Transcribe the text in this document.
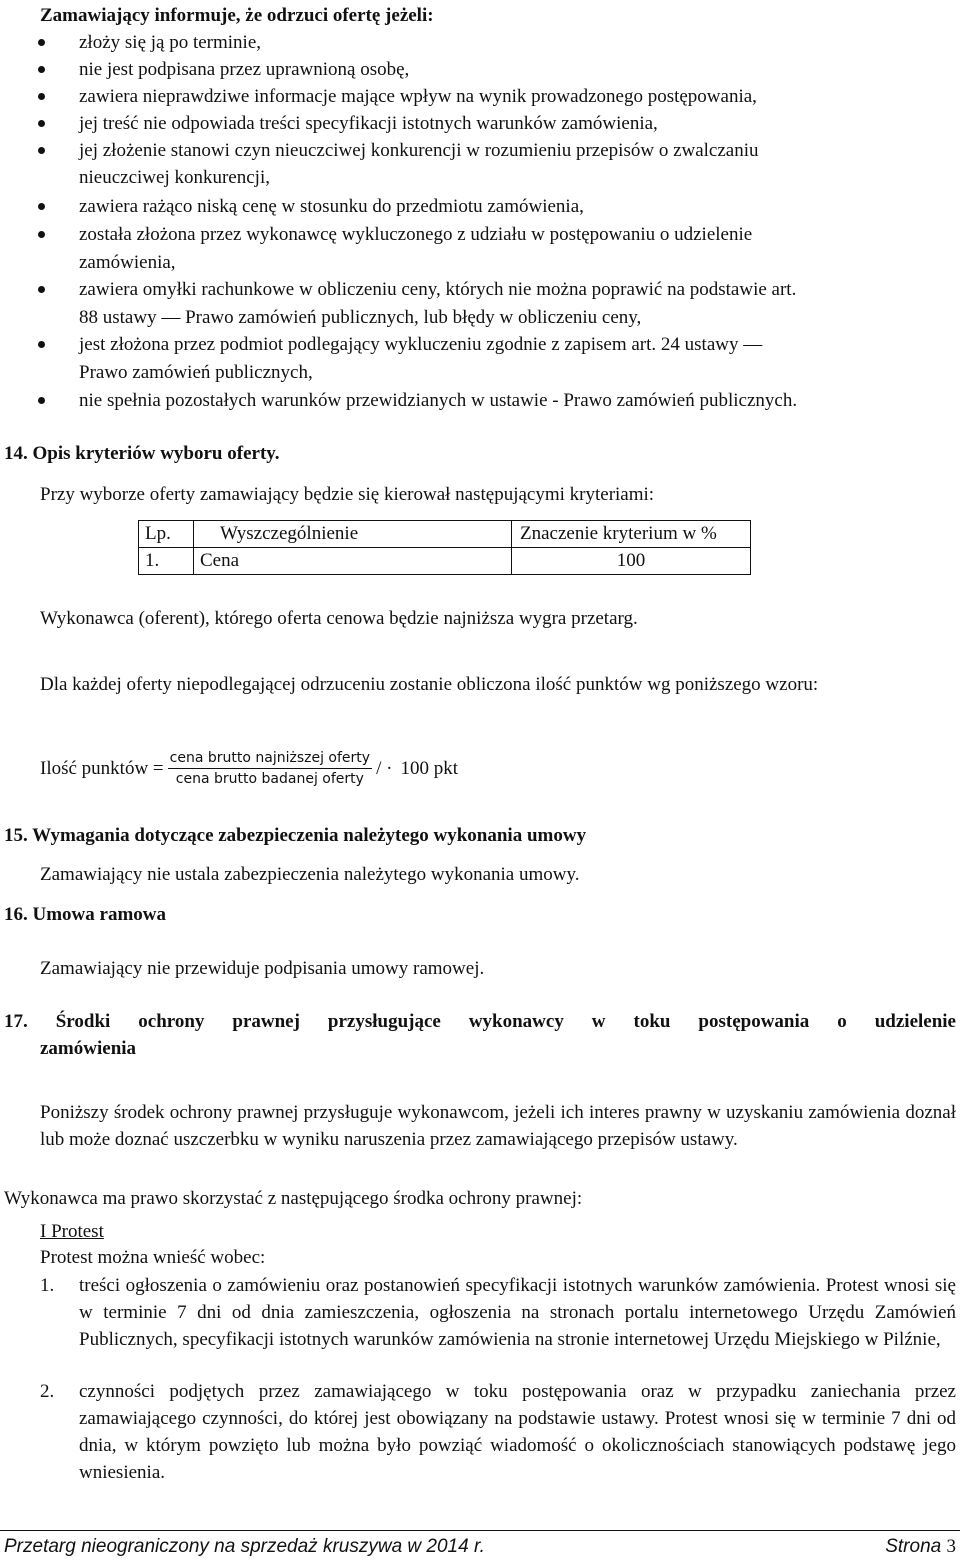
Zamawiający informuje, że odrzuci ofertę jeżeli:
złoży się ją po terminie,
nie jest podpisana przez uprawnioną osobę,
zawiera nieprawdziwe informacje mające wpływ na wynik prowadzonego postępowania,
jej treść nie odpowiada treści specyfikacji istotnych warunków zamówienia,
jej złożenie stanowi czyn nieuczciwej konkurencji w rozumieniu przepisów o zwalczaniu
nieuczciwej konkurencji,
zawiera rażąco niską cenę w stosunku do przedmiotu zamówienia,
została złożona przez wykonawcę wykluczonego z udziału w postępowaniu o udzielenie
zamówienia,
zawiera omyłki rachunkowe w obliczeniu ceny, których nie można poprawić na podstawie art.
88 ustawy — Prawo zamówień publicznych, lub błędy w obliczeniu ceny,
jest złożona przez podmiot podlegający wykluczeniu zgodnie z zapisem art. 24 ustawy —
Prawo zamówień publicznych,
nie spełnia pozostałych warunków przewidzianych w ustawie - Prawo zamówień publicznych.
14. Opis kryteriów wyboru oferty.
Przy wyborze oferty zamawiający będzie się kierował następującymi kryteriami:
Lp.	Wyszczególnienie	Znaczenie kryterium w %
1.	Cena	100
Wykonawca (oferent), którego oferta cenowa będzie najniższa wygra przetarg.
Dla każdej oferty niepodlegającej odrzuceniu zostanie obliczona ilość punktów wg poniższego wzoru:
Ilość punktów = $\frac{\text{cena brutto najniższej oferty}}{\text{cena brutto badanej oferty}}$ / · 100 pkt
15. Wymagania dotyczące zabezpieczenia należytego wykonania umowy
Zamawiający nie ustala zabezpieczenia należytego wykonania umowy.
16. Umowa ramowa
Zamawiający nie przewiduje podpisania umowy ramowej.
17. Środki ochrony prawnej przysługujące wykonawcy w toku postępowania o udzielenie
zamówienia
Poniższy środek ochrony prawnej przysługuje wykonawcom, jeżeli ich interes prawny w uzyskaniu zamówienia doznał lub może doznać uszczerbku w wyniku naruszenia przez zamawiającego przepisów ustawy.
Wykonawca ma prawo skorzystać z następującego środka ochrony prawnej:
I Protest
Protest można wnieść wobec:
1. treści ogłoszenia o zamówieniu oraz postanowień specyfikacji istotnych warunków zamówienia. Protest wnosi się w terminie 7 dni od dnia zamieszczenia, ogłoszenia na stronach portalu internetowego Urzędu Zamówień Publicznych, specyfikacji istotnych warunków zamówienia na stronie internetowej Urzędu Miejskiego w Pilźnie,
2. czynności podjętych przez zamawiającego w toku postępowania oraz w przypadku zaniechania przez zamawiającego czynności, do której jest obowiązany na podstawie ustawy. Protest wnosi się w terminie 7 dni od dnia, w którym powzięto lub można było powziąć wiadomość o okolicznościach stanowiących podstawę jego wniesienia.
Przetarg nieograniczony na sprzedaż kruszywa w 2014 r.	Strona 3
